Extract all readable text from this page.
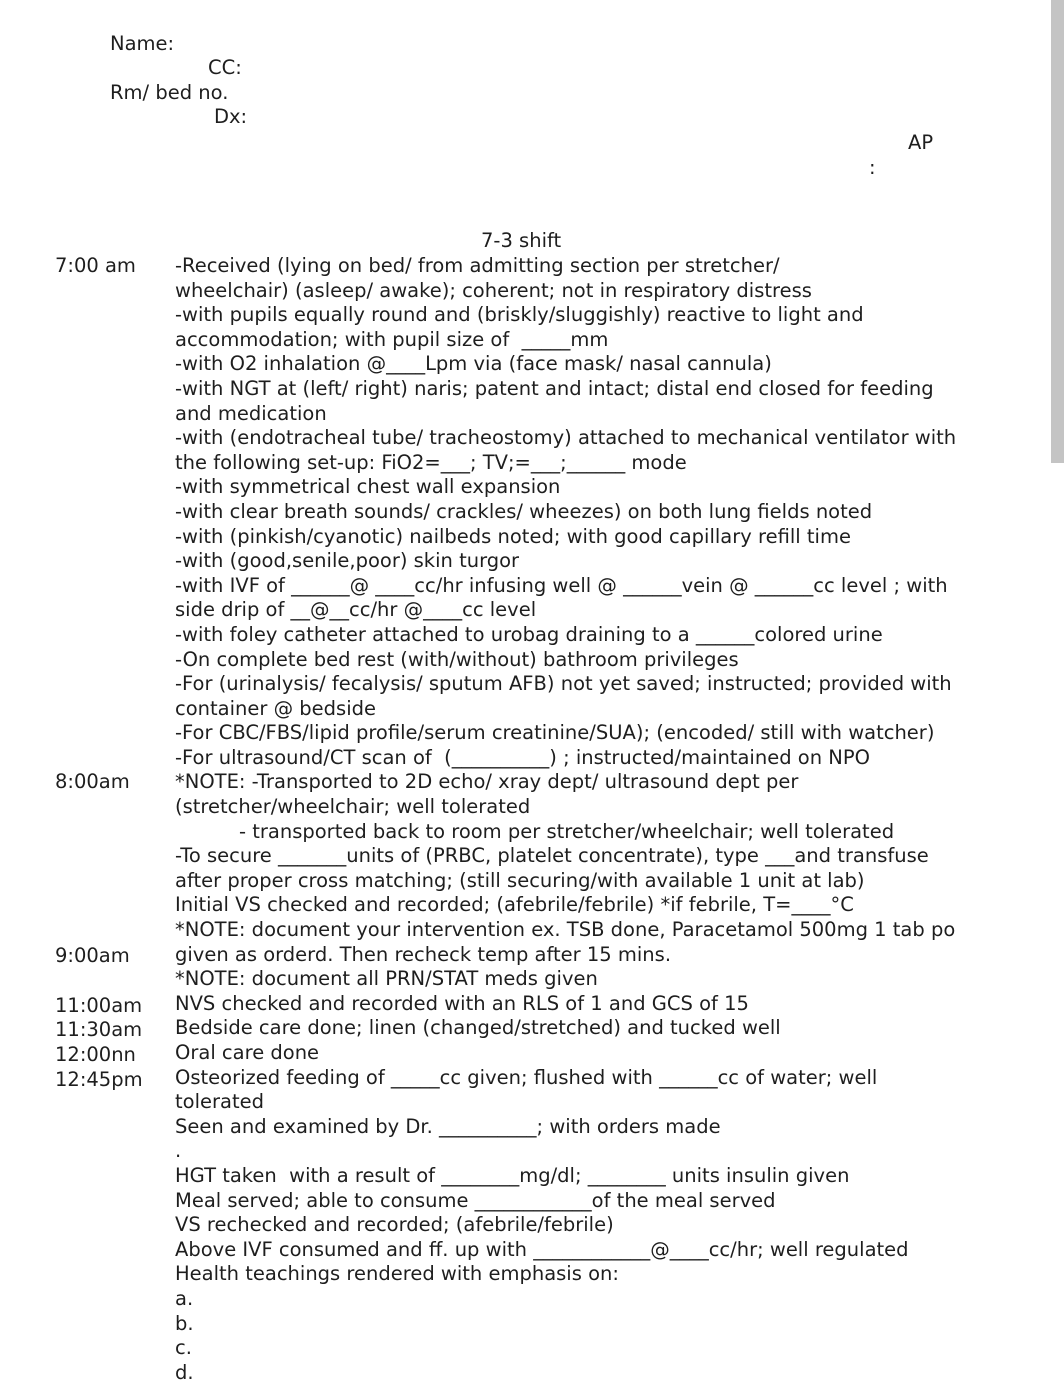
Name:
CC:
Rm/ bed no.
Dx:
AP
:
7-3 shift
7:00 am
8:00am
9:00am
11:00am
11:30am
12:00nn
12:45pm
-Received (lying on bed/ from admitting section per stretcher/
wheelchair) (asleep/ awake); coherent; not in respiratory distress
-with pupils equally round and (briskly/sluggishly) reactive to light and
accommodation; with pupil size of  _____mm
-with O2 inhalation @____Lpm via (face mask/ nasal cannula)
-with NGT at (left/ right) naris; patent and intact; distal end closed for feeding
and medication
-with (endotracheal tube/ tracheostomy) attached to mechanical ventilator with
the following set-up: FiO2=___; TV;=___;______ mode
-with symmetrical chest wall expansion
-with clear breath sounds/ crackles/ wheezes) on both lung fields noted
-with (pinkish/cyanotic) nailbeds noted; with good capillary refill time
-with (good,senile,poor) skin turgor
-with IVF of ______@ ____cc/hr infusing well @ ______vein @ ______cc level ; with
side drip of __@__cc/hr @____cc level
-with foley catheter attached to urobag draining to a ______colored urine
-On complete bed rest (with/without) bathroom privileges
-For (urinalysis/ fecalysis/ sputum AFB) not yet saved; instructed; provided with
container @ bedside
-For CBC/FBS/lipid profile/serum creatinine/SUA); (encoded/ still with watcher)
-For ultrasound/CT scan of  (__________) ; instructed/maintained on NPO
*NOTE: -Transported to 2D echo/ xray dept/ ultrasound dept per
(stretcher/wheelchair; well tolerated
- transported back to room per stretcher/wheelchair; well tolerated
-To secure _______units of (PRBC, platelet concentrate), type ___and transfuse
after proper cross matching; (still securing/with available 1 unit at lab)
Initial VS checked and recorded; (afebrile/febrile) *if febrile, T=____°C
*NOTE: document your intervention ex. TSB done, Paracetamol 500mg 1 tab po
given as orderd. Then recheck temp after 15 mins.
*NOTE: document all PRN/STAT meds given
NVS checked and recorded with an RLS of 1 and GCS of 15
Bedside care done; linen (changed/stretched) and tucked well
Oral care done
Osteorized feeding of _____cc given; flushed with ______cc of water; well
tolerated
Seen and examined by Dr. __________; with orders made
.
HGT taken  with a result of ________mg/dl; ________ units insulin given
Meal served; able to consume ____________of the meal served
VS rechecked and recorded; (afebrile/febrile)
Above IVF consumed and ff. up with ____________@____cc/hr; well regulated
Health teachings rendered with emphasis on:
a.
b.
c.
d.
